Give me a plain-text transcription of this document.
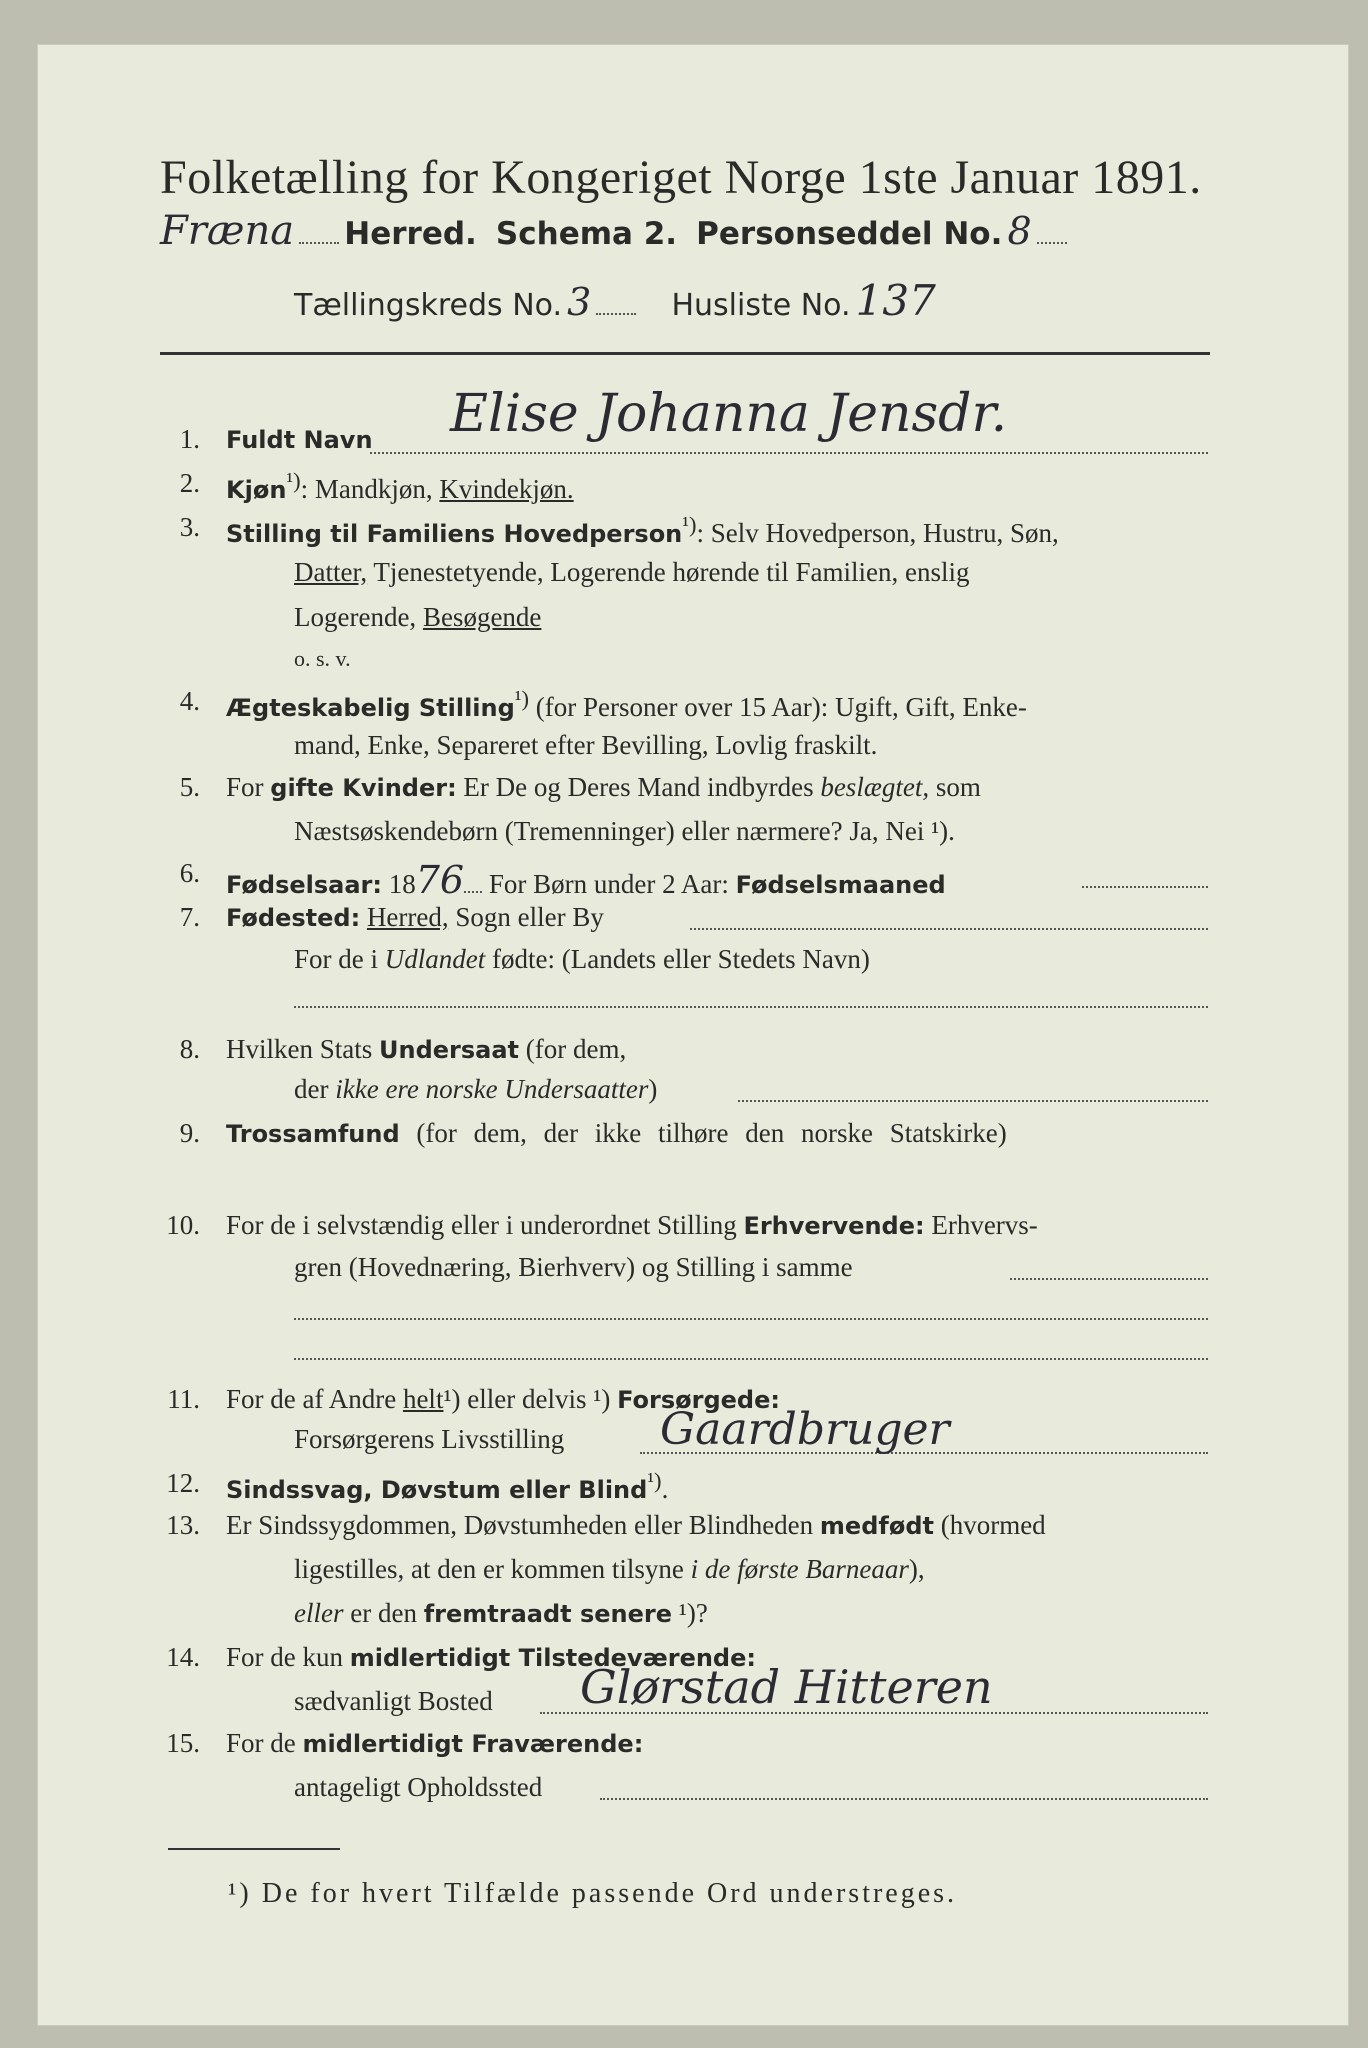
Folketælling for Kongeriget Norge 1ste Januar 1891.
Fræna Herred. Schema 2. Personseddel No. 8
Tællingskreds No. 3	Husliste No. 137
1. Fuldt Navn Elise Johanna Jensdr.
2. Kjøn$^{^1)}$: Mandkjøn, Kvindekjøn.
3. Stilling til Familiens Hovedperson$^{^1)}$: Selv Hovedperson, Hustru, Søn,
Datter, Tjenestetyende, Logerende hørende til Familien, enslig
Logerende, Besøgende
o. s. v.
4. Ægteskabelig Stilling$^{^1)}$ (for Personer over 15 Aar): Ugift, Gift, Enke-
mand, Enke, Separeret efter Bevilling, Lovlig fraskilt.
5. For gifte Kvinder: Er De og Deres Mand indbyrdes beslægtet, som
Næstsøskendebørn (Tremenninger) eller nærmere? Ja, Nei ¹).
6. Fødselsaar: 1876 For Børn under 2 Aar: Fødselsmaaned
7. Fødested: Herred, Sogn eller By
For de i Udlandet fødte: (Landets eller Stedets Navn)
8. Hvilken Stats Undersaat (for dem,
der ikke ere norske Undersaatter)
9. Trossamfund (for dem, der ikke tilhøre den norske Statskirke)
10. For de i selvstændig eller i underordnet Stilling Erhvervende: Erhvervs-
gren (Hovednæring, Bierhverv) og Stilling i samme
11. For de af Andre helt¹) eller delvis ¹) Forsørgede:
Forsørgerens Livsstilling Gaardbruger
12. Sindssvag, Døvstum eller Blind$^{^1)}$.
13. Er Sindssygdommen, Døvstumheden eller Blindheden medfødt (hvormed
ligestilles, at den er kommen tilsyne i de første Barneaar),
eller er den fremtraadt senere ¹)?
14. For de kun midlertidigt Tilstedeværende:
sædvanligt Bosted Glørstad Hitteren
15. For de midlertidigt Fraværende:
antageligt Opholdssted
¹) De for hvert Tilfælde passende Ord understreges.
